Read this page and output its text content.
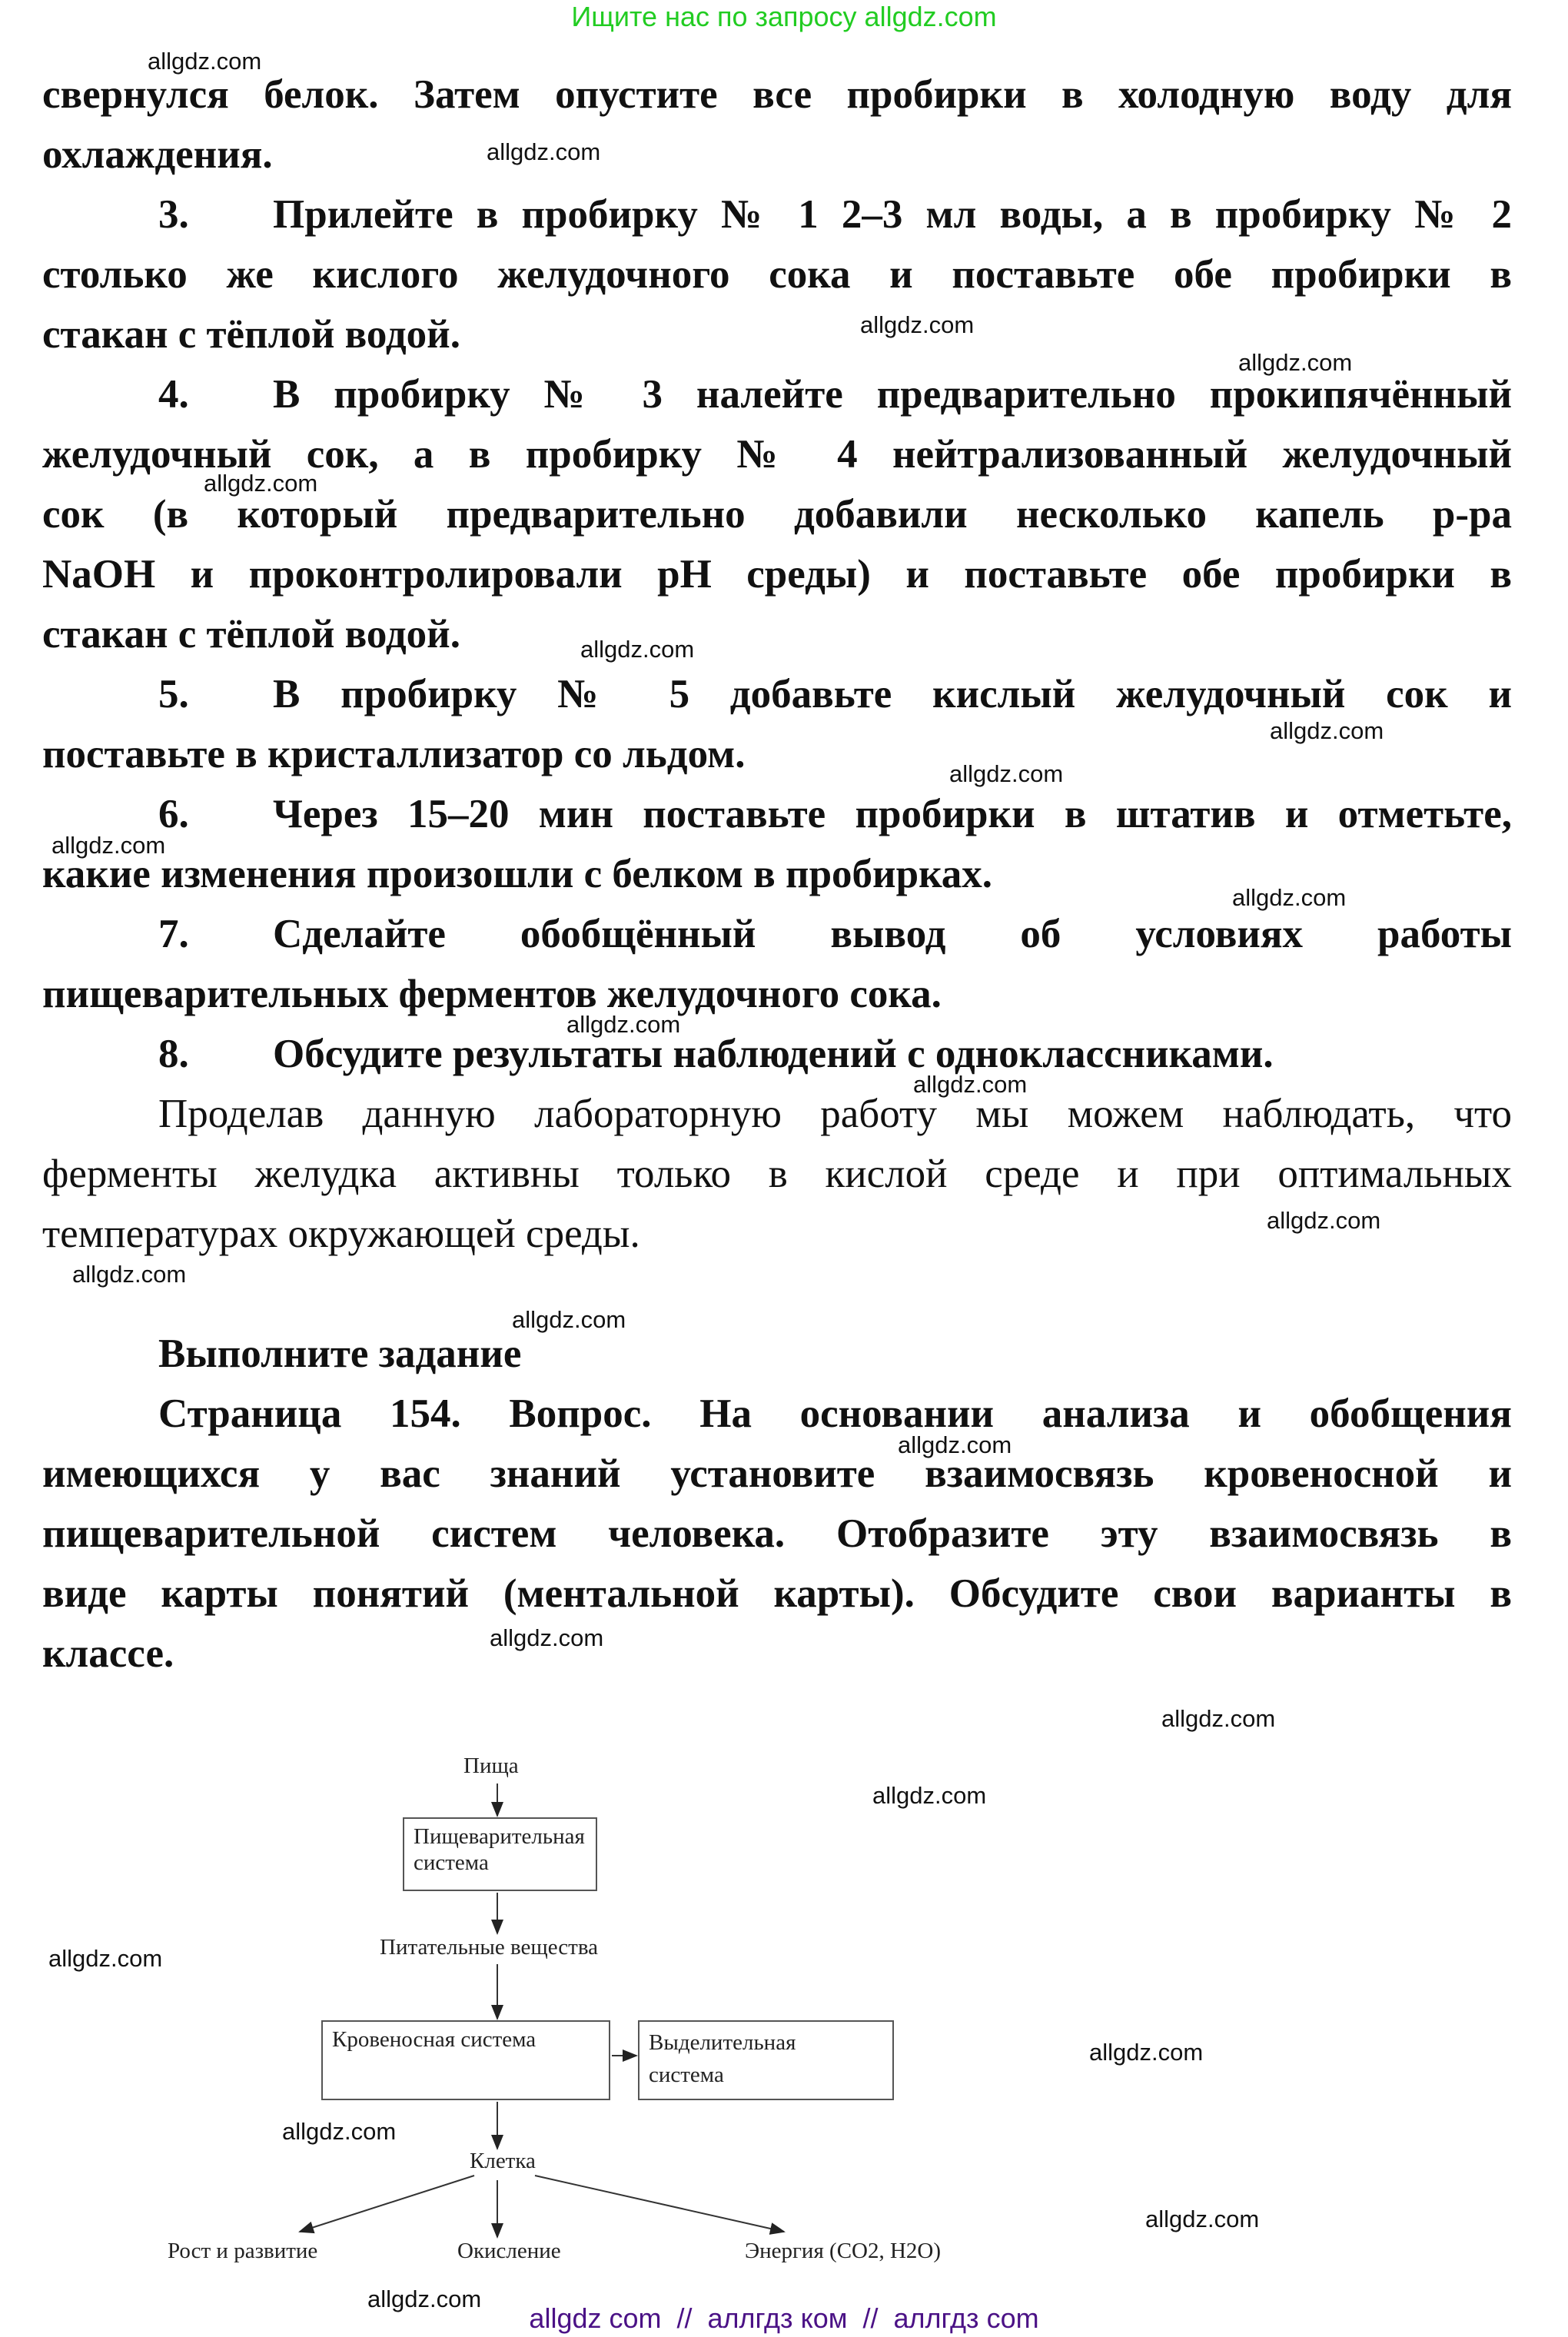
Ищите нас по запросу allgdz.com
свернулся белок. Затем опустите все пробирки в холодную воду для
охлаждения.
3. Прилейте в пробирку № 1 2–3 мл воды, а в пробирку № 2
столько же кислого желудочного сока и поставьте обе пробирки в
стакан с тёплой водой.
4. В пробирку № 3 налейте предварительно прокипячённый
желудочный сок, а в пробирку № 4 нейтрализованный желудочный
сок (в который предварительно добавили несколько капель р-ра
NaOH и проконтролировали pH среды) и поставьте обе пробирки в
стакан с тёплой водой.
5. В пробирку № 5 добавьте кислый желудочный сок и
поставьте в кристаллизатор со льдом.
6. Через 15–20 мин поставьте пробирки в штатив и отметьте,
какие изменения произошли с белком в пробирках.
7. Сделайте обобщённый вывод об условиях работы
пищеварительных ферментов желудочного сока.
8. Обсудите результаты наблюдений с одноклассниками.
Проделав данную лабораторную работу мы можем наблюдать, что
ферменты желудка активны только в кислой среде и при оптимальных
температурах окружающей среды.
Выполните задание
Страница 154. Вопрос. На основании анализа и обобщения
имеющихся у вас знаний установите взаимосвязь кровеносной и
пищеварительной систем человека. Отобразите эту взаимосвязь в
виде карты понятий (ментальной карты). Обсудите свои варианты в
классе.
Пища
Пищеварительная
система
Питательные вещества
Кровеносная система	Выделительная
система
Клетка
Рост и развитие	Окисление	Энергия (CO2, H2O)
allgdz.com
allgdz.com
allgdz.com
allgdz.com
allgdz.com
allgdz.com
allgdz.com
allgdz.com
allgdz.com
allgdz.com
allgdz.com
allgdz.com
allgdz.com
allgdz.com
allgdz.com
allgdz.com
allgdz.com
allgdz.com
allgdz.com
allgdz.com
allgdz.com
allgdz.com
allgdz.com
allgdz.com
allgdz com  //  аллгдз ком  //  аллгдз com
